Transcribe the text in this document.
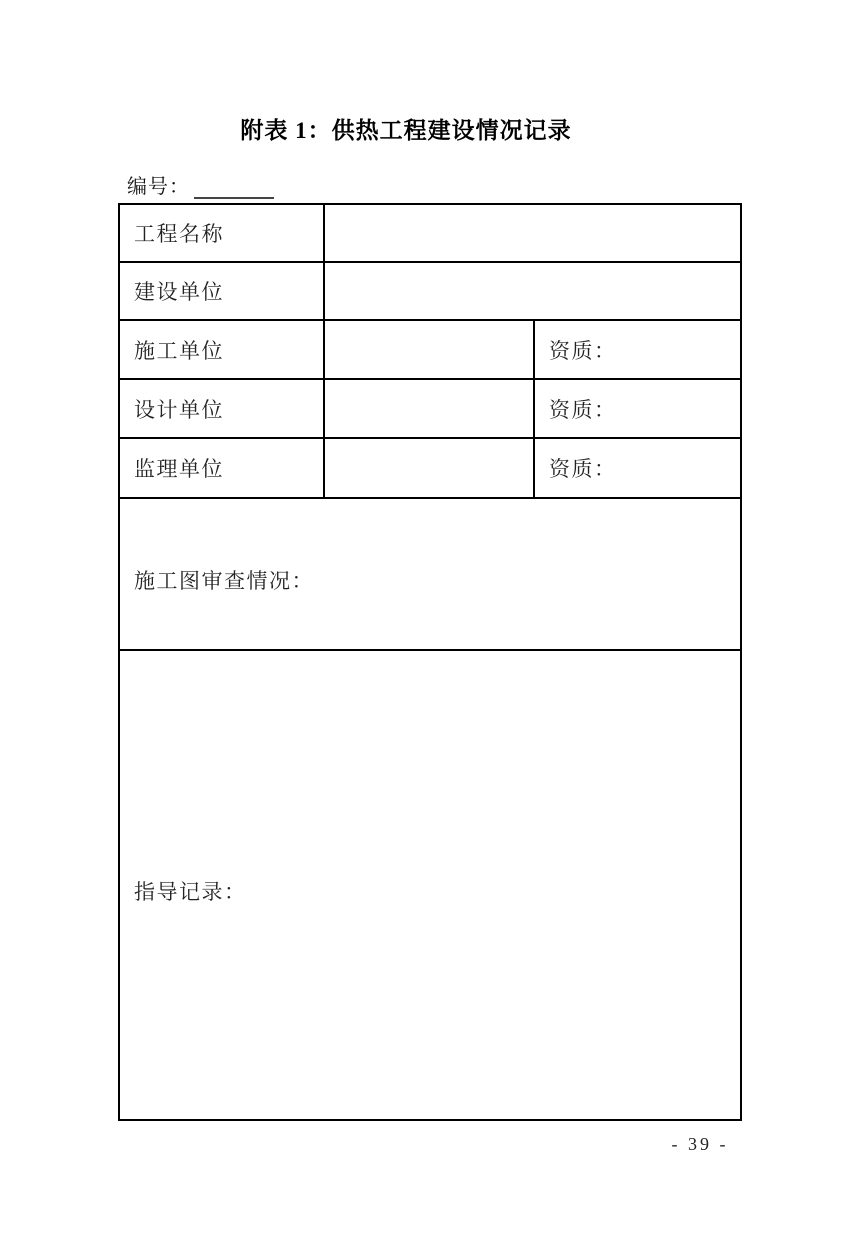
附表 1：供热工程建设情况记录
编号：
工程名称		
建设单位		
施工单位		资质：
设计单位		资质：
监理单位		资质：
施工图审查情况：		
指导记录：		
- 39 -
